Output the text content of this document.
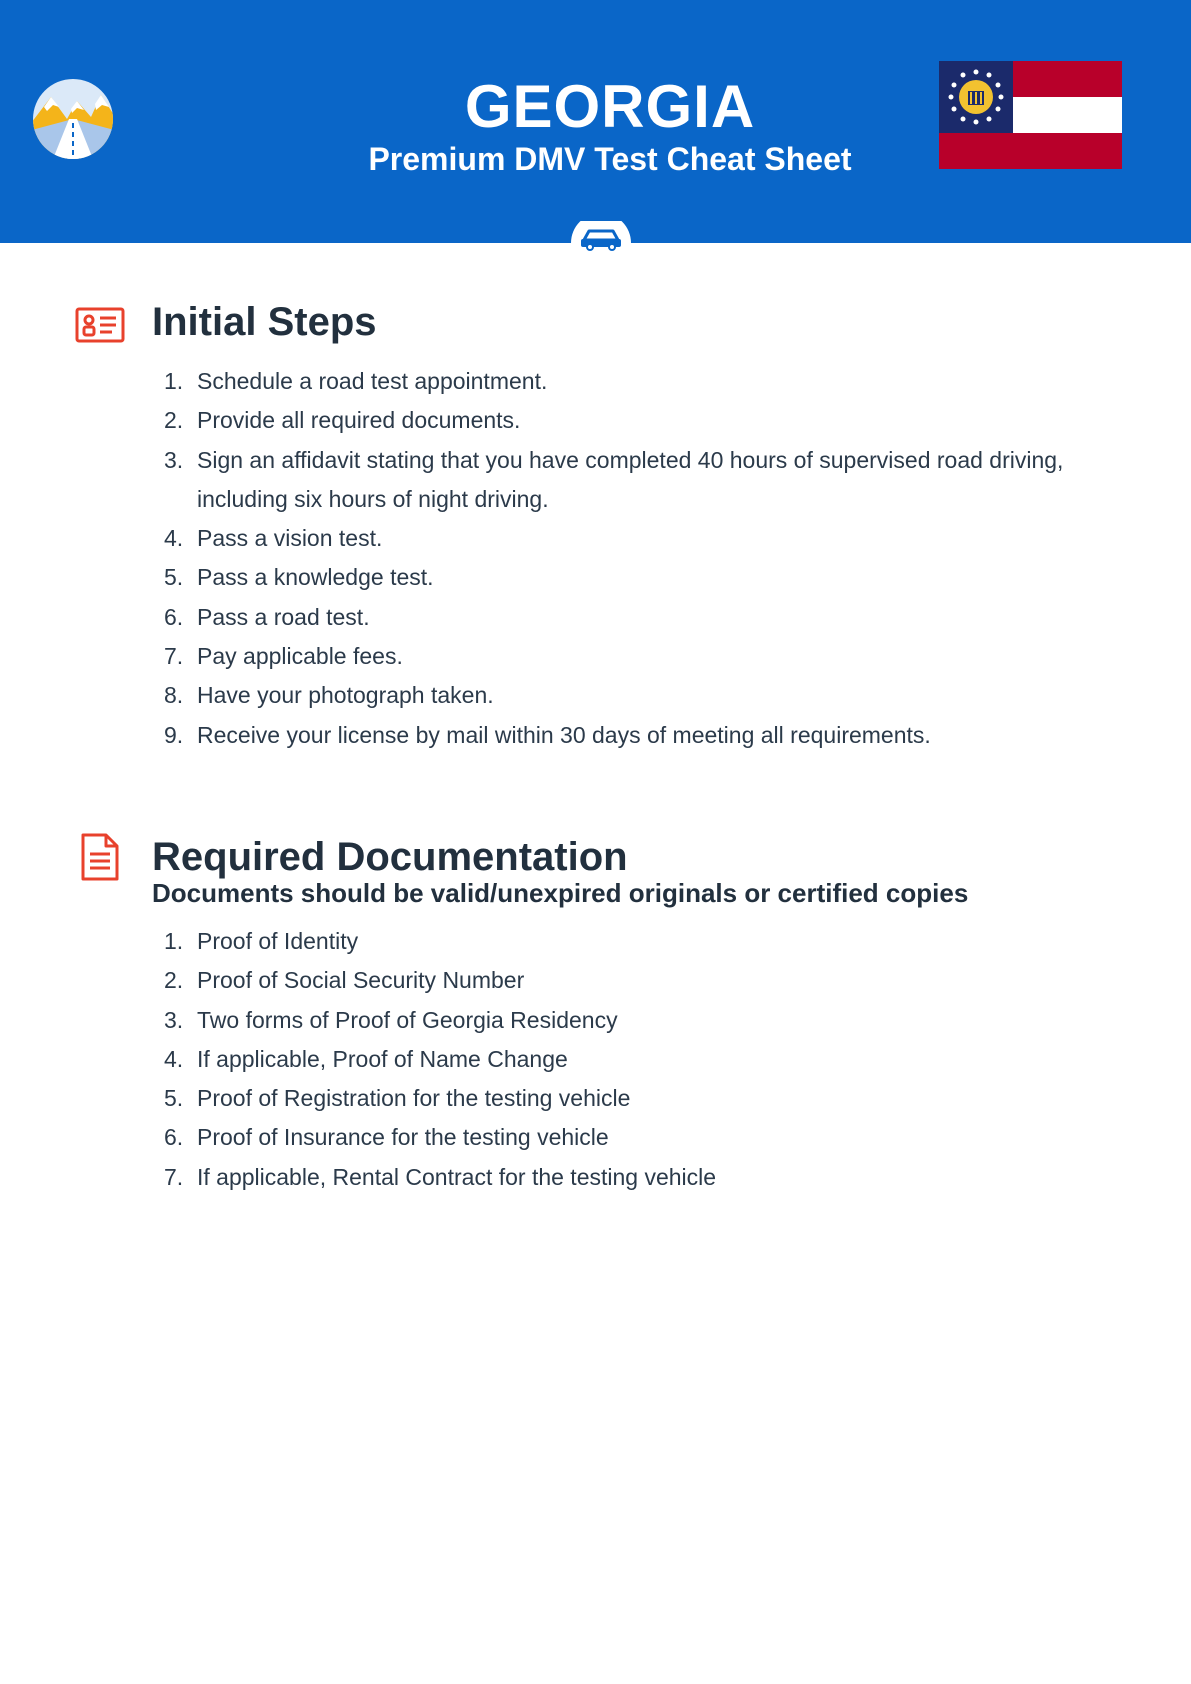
GEORGIA
Premium DMV Test Cheat Sheet
Initial Steps
1. Schedule a road test appointment.
2. Provide all required documents.
3. Sign an affidavit stating that you have completed 40 hours of supervised road driving, including six hours of night driving.
4. Pass a vision test.
5. Pass a knowledge test.
6. Pass a road test.
7. Pay applicable fees.
8. Have your photograph taken.
9. Receive your license by mail within 30 days of meeting all requirements.
Required Documentation
Documents should be valid/unexpired originals or certified copies
1. Proof of Identity
2. Proof of Social Security Number
3. Two forms of Proof of Georgia Residency
4. If applicable, Proof of Name Change
5. Proof of Registration for the testing vehicle
6. Proof of Insurance for the testing vehicle
7. If applicable, Rental Contract for the testing vehicle
